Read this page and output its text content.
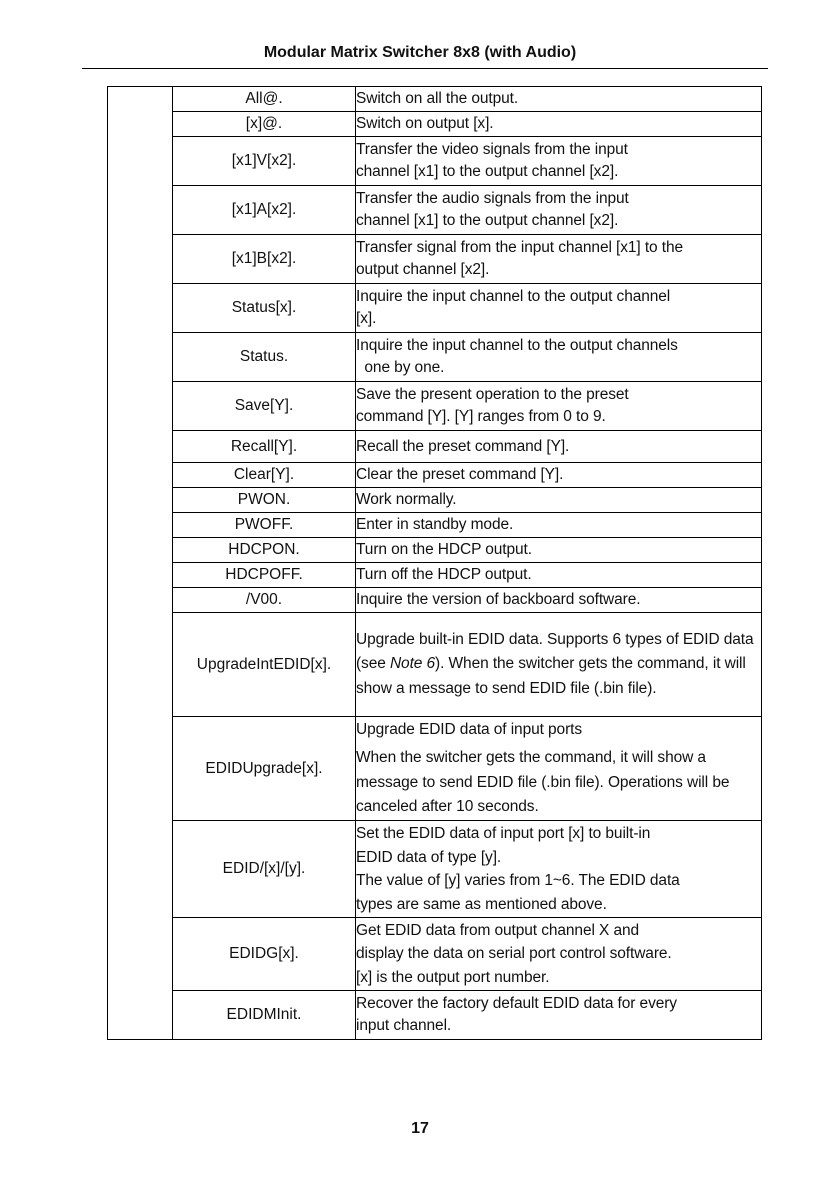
Modular Matrix Switcher 8x8 (with Audio)
	All@.	Switch on all the output.
	[x]@.	Switch on output [x].
	[x1]V[x2].	Transfer the video signals from the input
channel [x1] to the output channel [x2].
	[x1]A[x2].	Transfer the audio signals from the input
channel [x1] to the output channel [x2].
	[x1]B[x2].	Transfer signal from the input channel [x1] to the
output channel [x2].
	Status[x].	Inquire the input channel to the output channel
[x].
	Status.	Inquire the input channel to the output channels
one by one.
	Save[Y].	Save the present operation to the preset
command [Y]. [Y] ranges from 0 to 9.
	Recall[Y].	Recall the preset command [Y].
	Clear[Y].	Clear the preset command [Y].
	PWON.	Work normally.
	PWOFF.	Enter in standby mode.
	HDCPON.	Turn on the HDCP output.
	HDCPOFF.	Turn off the HDCP output.
	/V00.	Inquire the version of backboard software.
	UpgradeIntEDID[x].	Upgrade built-in EDID data. Supports 6 types of EDID data (see Note 6). When the switcher gets the command, it will show a message to send EDID file (.bin file).
	EDIDUpgrade[x].	Upgrade EDID data of input ports
When the switcher gets the command, it will show a message to send EDID file (.bin file). Operations will be canceled after 10 seconds.

	EDID/[x]/[y].	Set the EDID data of input port [x] to built-in
EDID data of type [y].
The value of [y] varies from 1~6. The EDID data
types are same as mentioned above.
	EDIDG[x].	Get EDID data from output channel X and
display the data on serial port control software.
[x] is the output port number.
	EDIDMInit.	Recover the factory default EDID data for every
input channel.
17
